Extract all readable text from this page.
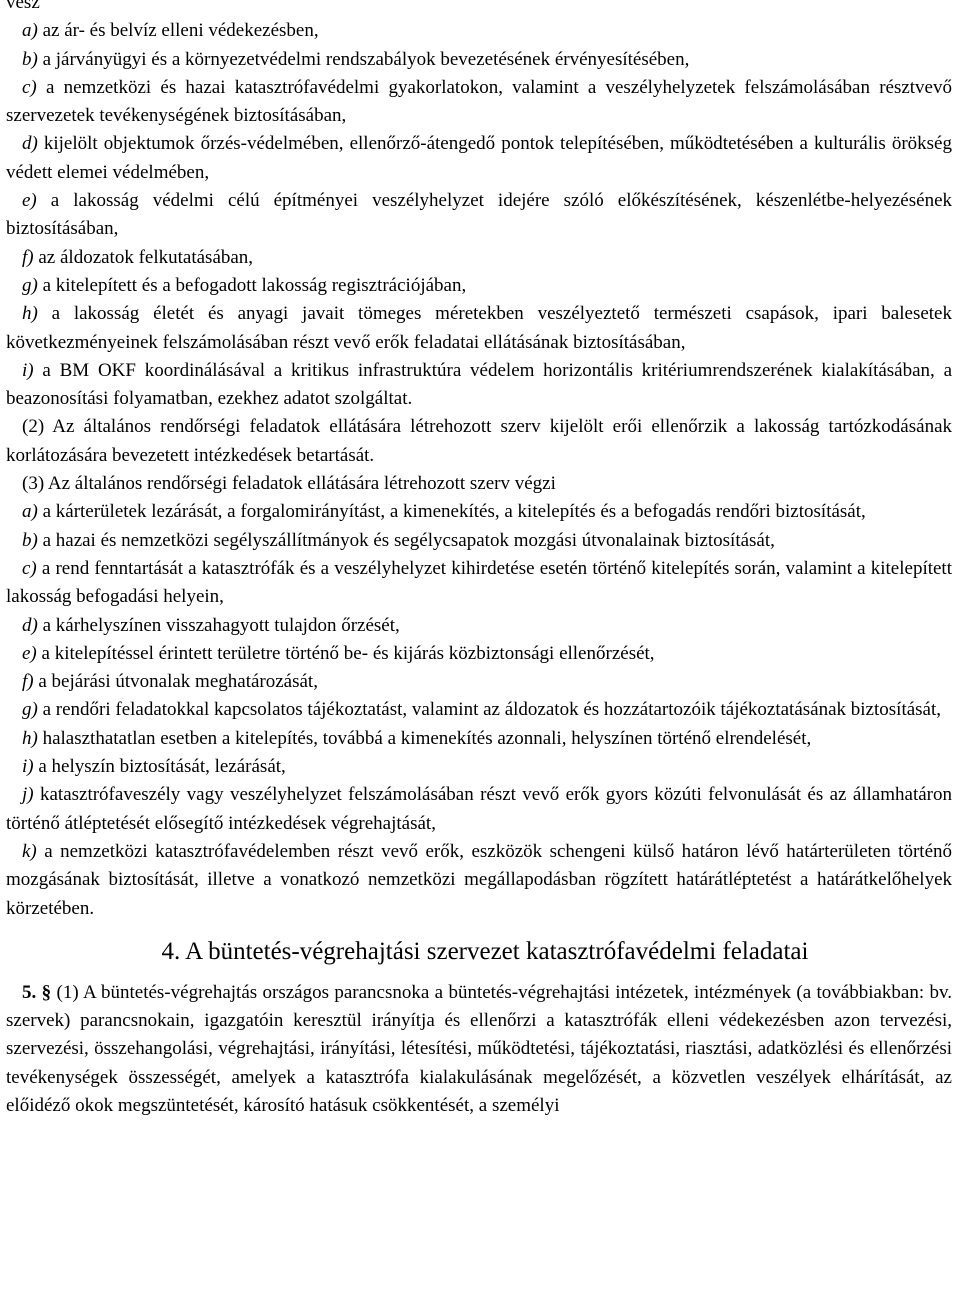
vesz

a) az ár- és belvíz elleni védekezésben,

b) a járványügyi és a környezetvédelmi rendszabályok bevezetésének érvényesítésében,

c) a nemzetközi és hazai katasztrófavédelmi gyakorlatokon, valamint a veszélyhelyzetek felszámolásában résztvevő szervezetek tevékenységének biztosításában,

d) kijelölt objektumok őrzés-védelmében, ellenőrző-átengedő pontok telepítésében, működtetésében a kulturális örökség védett elemei védelmében,

e) a lakosság védelmi célú építményei veszélyhelyzet idejére szóló előkészítésének, készenlétbe-helyezésének biztosításában,

f) az áldozatok felkutatásában,

g) a kitelepített és a befogadott lakosság regisztrációjában,

h) a lakosság életét és anyagi javait tömeges méretekben veszélyeztető természeti csapások, ipari balesetek következményeinek felszámolásában részt vevő erők feladatai ellátásának biztosításában,

i) a BM OKF koordinálásával a kritikus infrastruktúra védelem horizontális kritériumrendszerének kialakításában, a beazonosítási folyamatban, ezekhez adatot szolgáltat.

(2) Az általános rendőrségi feladatok ellátására létrehozott szerv kijelölt erői ellenőrzik a lakosság tartózkodásának korlátozására bevezetett intézkedések betartását.

(3) Az általános rendőrségi feladatok ellátására létrehozott szerv végzi

a) a kárterületek lezárását, a forgalomirányítást, a kimenekítés, a kitelepítés és a befogadás rendőri biztosítását,

b) a hazai és nemzetközi segélyszállítmányok és segélycsapatok mozgási útvonalainak biztosítását,

c) a rend fenntartását a katasztrófák és a veszélyhelyzet kihirdetése esetén történő kitelepítés során, valamint a kitelepített lakosság befogadási helyein,

d) a kárhelyszínen visszahagyott tulajdon őrzését,

e) a kitelepítéssel érintett területre történő be- és kijárás közbiztonsági ellenőrzését,

f) a bejárási útvonalak meghatározását,

g) a rendőri feladatokkal kapcsolatos tájékoztatást, valamint az áldozatok és hozzátartozóik tájékoztatásának biztosítását,

h) halaszthatatlan esetben a kitelepítés, továbbá a kimenekítés azonnali, helyszínen történő elrendelését,

i) a helyszín biztosítását, lezárását,

j) katasztrófaveszély vagy veszélyhelyzet felszámolásában részt vevő erők gyors közúti felvonulását és az államhatáron történő átléptetését elősegítő intézkedések végrehajtását,

k) a nemzetközi katasztrófavédelemben részt vevő erők, eszközök schengeni külső határon lévő határterületen történő mozgásának biztosítását, illetve a vonatkozó nemzetközi megállapodásban rögzített határátléptetést a határátkelőhelyek körzetében.

4. A büntetés-végrehajtási szervezet katasztrófavédelmi feladatai

5. § (1) A büntetés-végrehajtás országos parancsnoka a büntetés-végrehajtási intézetek, intézmények (a továbbiakban: bv. szervek) parancsnokain, igazgatóin keresztül irányítja és ellenőrzi a katasztrófák elleni védekezésben azon tervezési, szervezési, összehangolási, végrehajtási, irányítási, létesítési, működtetési, tájékoztatási, riasztási, adatközlési és ellenőrzési tevékenységek összességét, amelyek a katasztrófa kialakulásának megelőzését, a közvetlen veszélyek elhárítását, az előidéző okok megszüntetését, károsító hatásuk csökkentését, a személyi
